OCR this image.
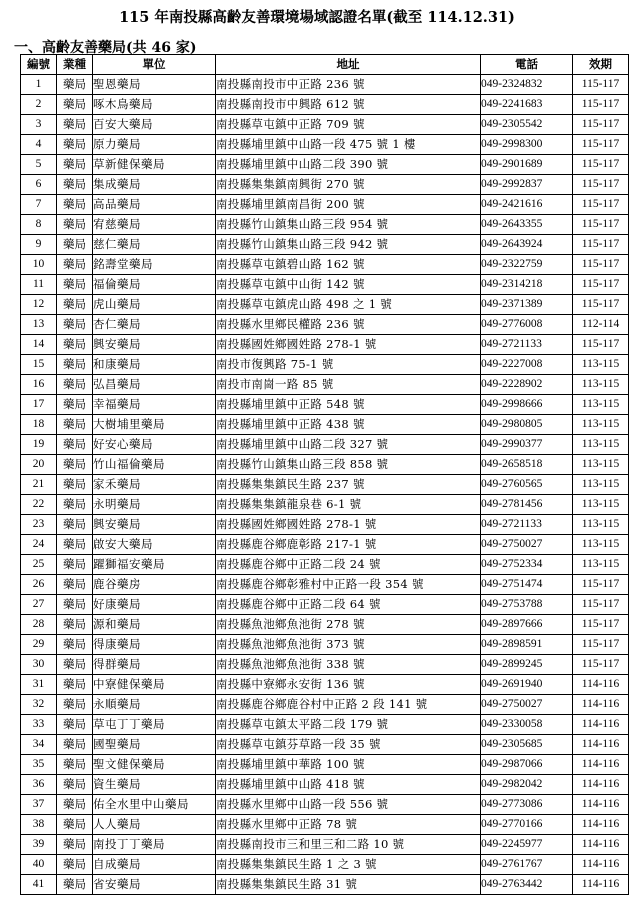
115 年南投縣高齡友善環境場域認證名單(截至 114.12.31)
一、高齡友善藥局(共 46 家)
編號	業種	單位	地址	電話	效期
1	藥局	聖恩藥局	南投縣南投市中正路 236 號	049-2324832	115-117
2	藥局	啄木鳥藥局	南投縣南投市中興路 612 號	049-2241683	115-117
3	藥局	百安大藥局	南投縣草屯鎮中正路 709 號	049-2305542	115-117
4	藥局	原力藥局	南投縣埔里鎮中山路一段 475 號 1 樓	049-2998300	115-117
5	藥局	草新健保藥局	南投縣埔里鎮中山路二段 390 號	049-2901689	115-117
6	藥局	集成藥局	南投縣集集鎮南興街 270 號	049-2992837	115-117
7	藥局	高品藥局	南投縣埔里鎮南昌街 200 號	049-2421616	115-117
8	藥局	宥慈藥局	南投縣竹山鎮集山路三段 954 號	049-2643355	115-117
9	藥局	慈仁藥局	南投縣竹山鎮集山路三段 942 號	049-2643924	115-117
10	藥局	銘壽堂藥局	南投縣草屯鎮碧山路 162 號	049-2322759	115-117
11	藥局	福倫藥局	南投縣草屯鎮中山街 142 號	049-2314218	115-117
12	藥局	虎山藥局	南投縣草屯鎮虎山路 498 之 1 號	049-2371389	115-117
13	藥局	杏仁藥局	南投縣水里鄉民權路 236 號	049-2776008	112-114
14	藥局	興安藥局	南投縣國姓鄉國姓路 278-1 號	049-2721133	115-117
15	藥局	和康藥局	南投市復興路 75-1 號	049-2227008	113-115
16	藥局	弘昌藥局	南投市南崗一路 85 號	049-2228902	113-115
17	藥局	幸福藥局	南投縣埔里鎮中正路 548 號	049-2998666	113-115
18	藥局	大樹埔里藥局	南投縣埔里鎮中正路 438 號	049-2980805	113-115
19	藥局	好安心藥局	南投縣埔里鎮中山路二段 327 號	049-2990377	113-115
20	藥局	竹山福倫藥局	南投縣竹山鎮集山路三段 858 號	049-2658518	113-115
21	藥局	家禾藥局	南投縣集集鎮民生路 237 號	049-2760565	113-115
22	藥局	永明藥局	南投縣集集鎮龍泉巷 6-1 號	049-2781456	113-115
23	藥局	興安藥局	南投縣國姓鄉國姓路 278-1 號	049-2721133	113-115
24	藥局	啟安大藥局	南投縣鹿谷鄉鹿彰路 217-1 號	049-2750027	113-115
25	藥局	躍獅福安藥局	南投縣鹿谷鄉中正路二段 24 號	049-2752334	113-115
26	藥局	鹿谷藥房	南投縣鹿谷鄉彰雅村中正路一段 354 號	049-2751474	115-117
27	藥局	好康藥局	南投縣鹿谷鄉中正路二段 64 號	049-2753788	115-117
28	藥局	源和藥局	南投縣魚池鄉魚池街 278 號	049-2897666	115-117
29	藥局	得康藥局	南投縣魚池鄉魚池街 373 號	049-2898591	115-117
30	藥局	得群藥局	南投縣魚池鄉魚池街 338 號	049-2899245	115-117
31	藥局	中寮健保藥局	南投縣中寮鄉永安街 136 號	049-2691940	114-116
32	藥局	永順藥局	南投縣鹿谷鄉鹿谷村中正路 2 段 141 號	049-2750027	114-116
33	藥局	草屯丁丁藥局	南投縣草屯鎮太平路二段 179 號	049-2330058	114-116
34	藥局	國聖藥局	南投縣草屯鎮芬草路一段 35 號	049-2305685	114-116
35	藥局	聖文健保藥局	南投縣埔里鎮中華路 100 號	049-2987066	114-116
36	藥局	資生藥局	南投縣埔里鎮中山路 418 號	049-2982042	114-116
37	藥局	佑全水里中山藥局	南投縣水里鄉中山路一段 556 號	049-2773086	114-116
38	藥局	人人藥局	南投縣水里鄉中正路 78 號	049-2770166	114-116
39	藥局	南投丁丁藥局	南投縣南投市三和里三和二路 10 號	049-2245977	114-116
40	藥局	自成藥局	南投縣集集鎮民生路 1 之 3 號	049-2761767	114-116
41	藥局	省安藥局	南投縣集集鎮民生路 31 號	049-2763442	114-116
